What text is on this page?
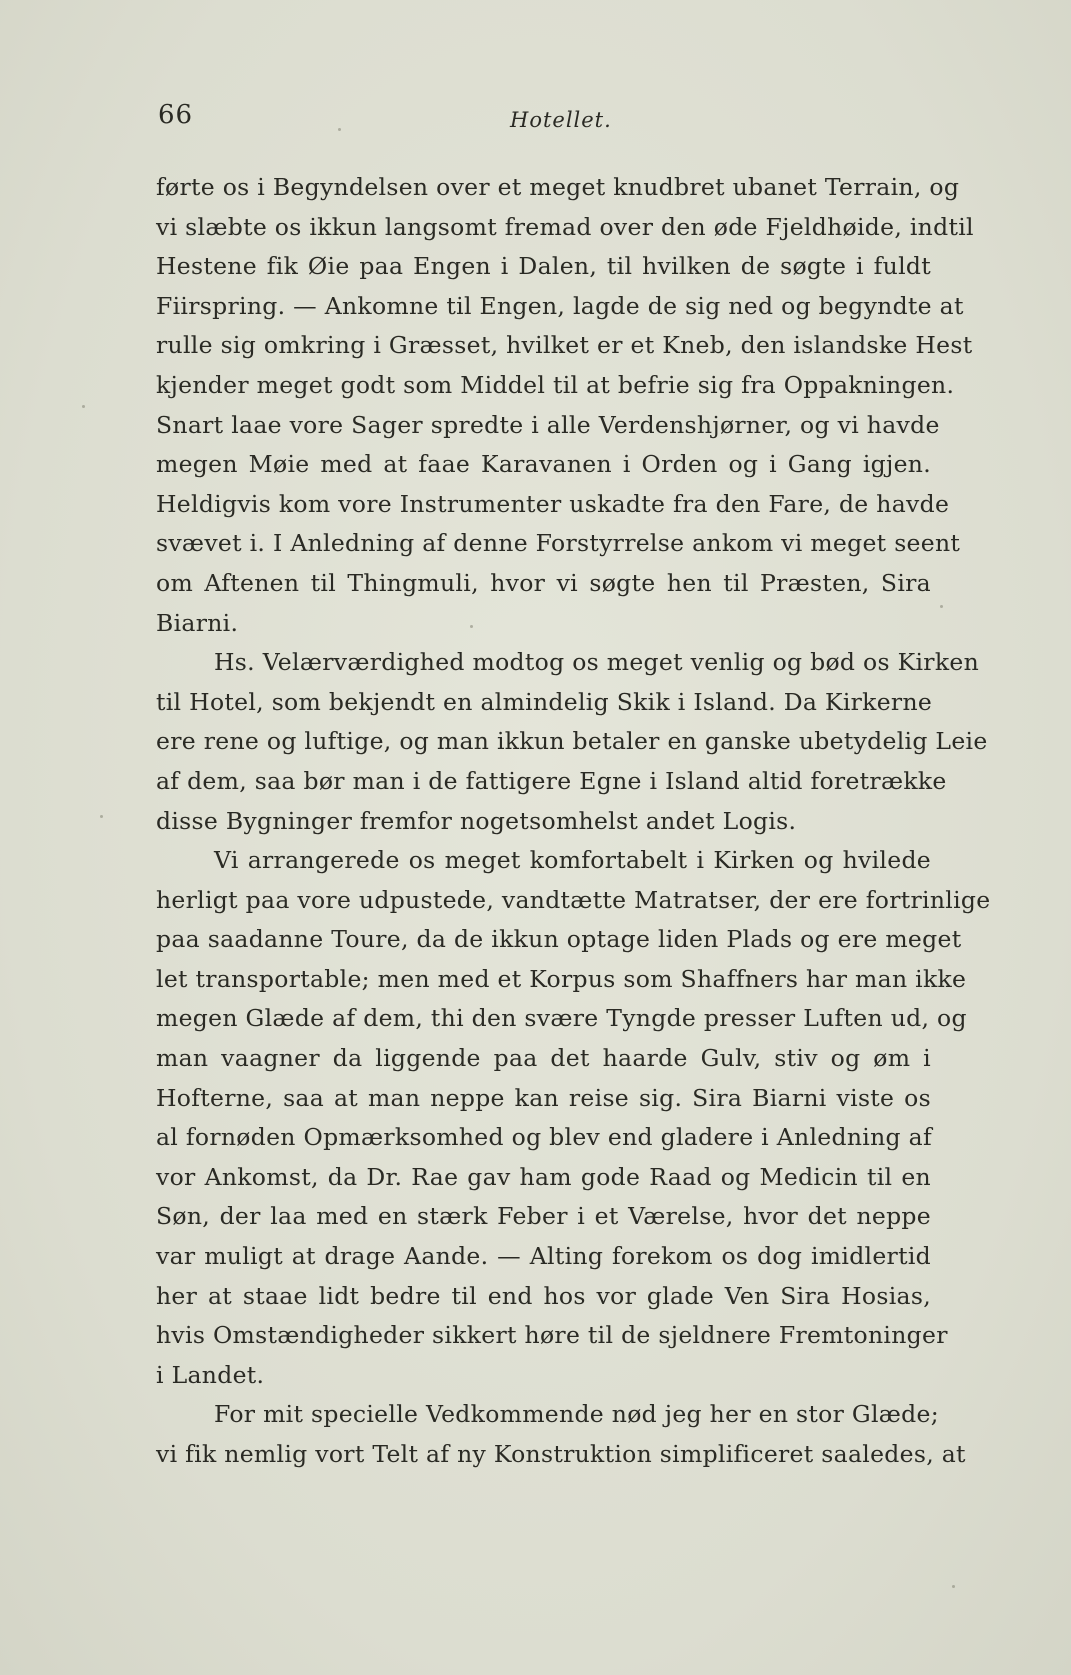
66	Hotellet.
førte os i Begyndelsen over et meget knudbret ubanet Terrain, og
vi slæbte os ikkun langsomt fremad over den øde Fjeldhøide, indtil
Hestene fik Øie paa Engen i Dalen, til hvilken de søgte i fuldt
Fiirspring. — Ankomne til Engen, lagde de sig ned og begyndte at
rulle sig omkring i Græsset, hvilket er et Kneb, den islandske Hest
kjender meget godt som Middel til at befrie sig fra Oppakningen.
Snart laae vore Sager spredte i alle Verdenshjørner, og vi havde
megen Møie med at faae Karavanen i Orden og i Gang igjen.
Heldigvis kom vore Instrumenter uskadte fra den Fare, de havde
svævet i. I Anledning af denne Forstyrrelse ankom vi meget seent
om Aftenen til Thingmuli, hvor vi søgte hen til Præsten, Sira
Biarni.
Hs. Velærværdighed modtog os meget venlig og bød os Kirken
til Hotel, som bekjendt en almindelig Skik i Island. Da Kirkerne
ere rene og luftige, og man ikkun betaler en ganske ubetydelig Leie
af dem, saa bør man i de fattigere Egne i Island altid foretrække
disse Bygninger fremfor nogetsomhelst andet Logis.
Vi arrangerede os meget komfortabelt i Kirken og hvilede
herligt paa vore udpustede, vandtætte Matratser, der ere fortrinlige
paa saadanne Toure, da de ikkun optage liden Plads og ere meget
let transportable; men med et Korpus som Shaffners har man ikke
megen Glæde af dem, thi den svære Tyngde presser Luften ud, og
man vaagner da liggende paa det haarde Gulv, stiv og øm i
Hofterne, saa at man neppe kan reise sig. Sira Biarni viste os
al fornøden Opmærksomhed og blev end gladere i Anledning af
vor Ankomst, da Dr. Rae gav ham gode Raad og Medicin til en
Søn, der laa med en stærk Feber i et Værelse, hvor det neppe
var muligt at drage Aande. — Alting forekom os dog imidlertid
her at staae lidt bedre til end hos vor glade Ven Sira Hosias,
hvis Omstændigheder sikkert høre til de sjeldnere Fremtoninger
i Landet.
For mit specielle Vedkommende nød jeg her en stor Glæde;
vi fik nemlig vort Telt af ny Konstruktion simplificeret saaledes, at
